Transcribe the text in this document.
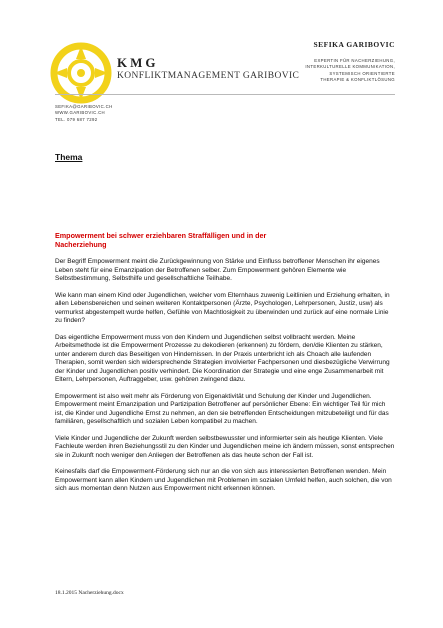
KMG
KONFLIKTMANAGEMENT GARIBOVIC
SEFIKA GARIBOVIC
EXPERTIN FÜR NACHERZIEHUNG,
INTERKULTURELLE KOMMUNIKATION,
SYSTEMISCH ORIENTIERTE
THERAPIE & KONFLIKTLÖSUNG
SEFIKA@GARIBOVIC.CH
WWW.GARIBOVIC.CH
TEL. 079 687 7292
Thema
Empowerment bei schwer erziehbaren Straffälligen und in der
Nacherziehung

Der Begriff Empowerment meint die Zurückgewinnung von Stärke und Einfluss betroffener Menschen ihr eigenes Leben steht für eine Emanzipation der Betroffenen selber. Zum Empowerment gehören Elemente wie Selbstbestimmung, Selbsthilfe und gesellschaftliche Teilhabe.

Wie kann man einem Kind oder Jugendlichen, welcher vom Elternhaus zuwenig Leitlinien und Erziehung erhalten, in allen Lebensbereichen und seinen weiteren Kontaktpersonen (Ärzte, Psychologen, Lehrpersonen, Justiz, usw) als vermurkst abgestempelt wurde helfen, Gefühle von Machtlosigkeit zu überwinden und zurück auf eine normale Linie zu finden?

Das eigentliche Empowerment muss von den Kindern und Jugendlichen selbst vollbracht werden. Meine Arbeitsmethode ist die Empowerment Prozesse zu dekodieren (erkennen) zu fördern, den/die Klienten zu stärken, unter anderem durch das Beseitigen von Hindernissen. In der Praxis unterbricht ich als Choach alle laufenden Therapien, somit werden sich widersprechende Strategien involvierter Fachpersonen und diesbezügliche Verwirrung der Kinder und Jugendlichen positiv verhindert. Die Koordination der Strategie und eine enge Zusammenarbeit mit Eltern, Lehrpersonen, Auftraggeber, usw. gehören zwingend dazu.

Empowerment ist also weit mehr als Förderung von Eigenaktivität und Schulung der Kinder und Jugendlichen. Empowerment meint Emanzipation und Partizipation Betroffener auf persönlicher Ebene: Ein wichtiger Teil für mich ist, die Kinder und Jugendliche Ernst zu nehmen, an den sie betreffenden Entscheidungen mitzubeteiligt und für das familiären, gesellschaftlich und sozialen Leben kompatibel zu machen.

Viele Kinder und Jugendliche der Zukunft werden selbstbewusster und informierter sein als heutige Klienten. Viele Fachleute werden ihren Beziehungsstil zu den Kinder und Jugendlichen meine ich ändern müssen, sonst entsprechen sie in Zukunft noch weniger den Anliegen der Betroffenen als das heute schon der Fall ist.

Keinesfalls darf die Empowerment-Förderung sich nur an die von sich aus interessierten Betroffenen wenden. Mein Empowerment kann allen Kindern und Jugendlichen mit Problemen im sozialen Umfeld helfen, auch solchen, die von sich aus momentan denn Nutzen aus Empowerment nicht erkennen können.

18.1.2015 Nacherziehung.docx
